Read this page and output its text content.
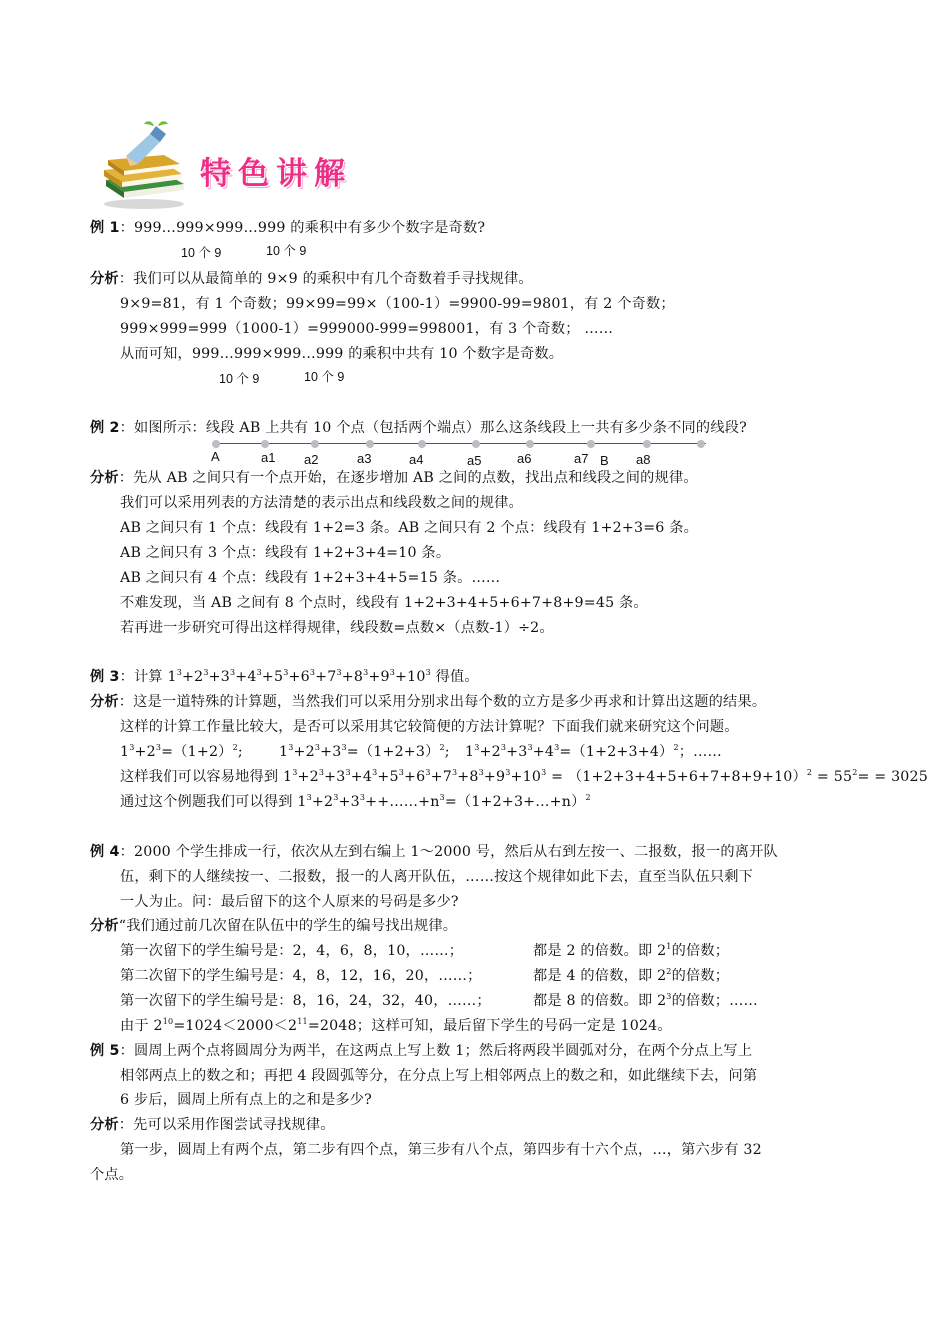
特色讲解
例 1：999…999×999…999 的乘积中有多少个数字是奇数?
10 个 9	10 个 9
分析：我们可以从最简单的 9×9 的乘积中有几个奇数着手寻找规律。
9×9=81，有 1 个奇数；99×99=99×（100-1）=9900-99=9801，有 2 个奇数；
999×999=999（1000-1）=999000-999=998001，有 3 个奇数； ……
从而可知，999…999×999…999 的乘积中共有 10 个数字是奇数。
10 个 9	10 个 9
例 2：如图所示：线段 AB 上共有 10 个点（包括两个端点）那么这条线段上一共有多少条不同的线段?
A	a1 a2	a3	a4	a5	a6	a7 B a8
分析：先从 AB 之间只有一个点开始，在逐步增加 AB 之间的点数，找出点和线段之间的规律。
我们可以采用列表的方法清楚的表示出点和线段数之间的规律。
AB 之间只有 1 个点：线段有 1+2=3 条。AB 之间只有 2 个点：线段有 1+2+3=6 条。
AB 之间只有 3 个点：线段有 1+2+3+4=10 条。
AB 之间只有 4 个点：线段有 1+2+3+4+5=15 条。……
不难发现，当 AB 之间有 8 个点时，线段有 1+2+3+4+5+6+7+8+9=45 条。
若再进一步研究可得出这样得规律，线段数=点数×（点数-1）÷2。
例 3：计算 $1^3+2^3+3^3+4^3+5^3+6^3+7^3+8^3+9^3+10^3$ 得值。
分析：这是一道特殊的计算题，当然我们可以采用分别求出每个数的立方是多少再求和计算出这题的结果。
这样的计算工作量比较大，是否可以采用其它较简便的方法计算呢？下面我们就来研究这个问题。
$1^3+2^3=(1+2)^2$;	$1^3+2^3+3^3=(1+2+3)^2$; $1^3+2^3+3^3+4^3=(1+2+3+4)^2$；……
这样我们可以容易地得到 $1^3+2^3+3^3+4^3+5^3+6^3+7^3+8^3+9^3+10^3 = (1+2+3+4+5+6+7+8+9+10)^2 = 55^2= = 3025$
通过这个例题我们可以得到 $1^3+2^3+3^3++\dots\dots+n^3=(1+2+3+\dots+n)^2$
例 4：2000 个学生排成一行，依次从左到右编上 1～2000 号，然后从右到左按一、二报数，报一的离开队
伍，剩下的人继续按一、二报数，报一的人离开队伍，……按这个规律如此下去，直至当队伍只剩下
一人为止。问：最后留下的这个人原来的号码是多少?
分析“我们通过前几次留在队伍中的学生的编号找出规律。
第一次留下的学生编号是：2，4，6，8，10，……；	都是 2 的倍数。即 $2^1$的倍数；
第二次留下的学生编号是：4，8，12，16，20，……；	都是 4 的倍数，即 $2^2$的倍数；
第一次留下的学生编号是：8，16，24，32，40，……；	都是 8 的倍数。即 $2^3$的倍数；……
由于 $2^{10}=1024<2000<2^{11}=2048$；这样可知，最后留下学生的号码一定是 1024。
例 5：圆周上两个点将圆周分为两半，在这两点上写上数 1；然后将两段半圆弧对分，在两个分点上写上
相邻两点上的数之和；再把 4 段圆弧等分，在分点上写上相邻两点上的数之和，如此继续下去，问第
6 步后，圆周上所有点上的之和是多少?
分析：先可以采用作图尝试寻找规律。
第一步，圆周上有两个点，第二步有四个点，第三步有八个点，第四步有十六个点，…，第六步有 32
个点。
